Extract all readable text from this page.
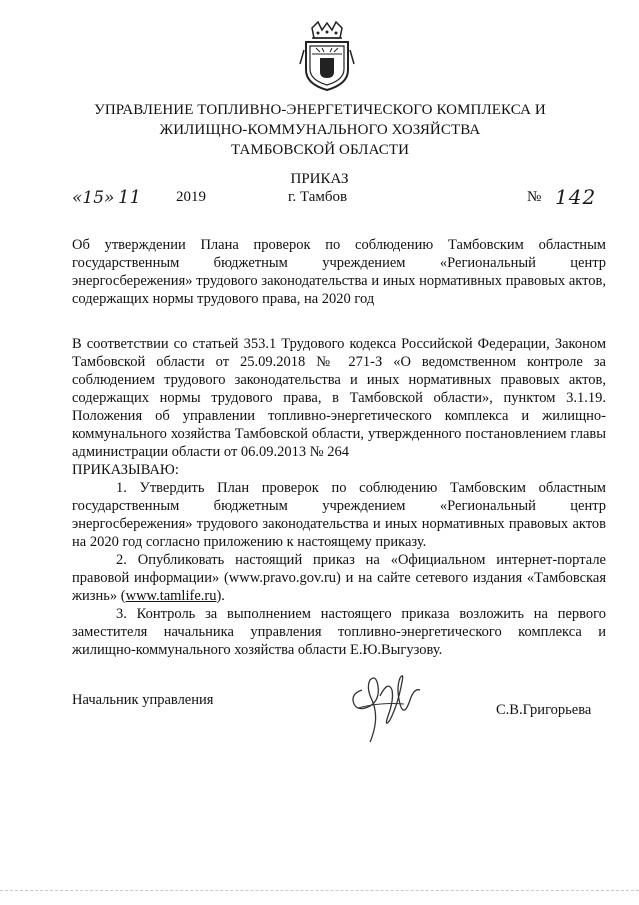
УПРАВЛЕНИЕ ТОПЛИВНО-ЭНЕРГЕТИЧЕСКОГО КОМПЛЕКСА И
ЖИЛИЩНО-КОММУНАЛЬНОГО ХОЗЯЙСТВА
ТАМБОВСКОЙ ОБЛАСТИ
ПРИКАЗ
«15» 11 2019	г. Тамбов	№ 142
Об утверждении Плана проверок по соблюдению Тамбовским областным государственным бюджетным учреждением «Региональный центр энергосбережения» трудового законодательства и иных нормативных правовых актов, содержащих нормы трудового права, на 2020 год

В соответствии со статьей 353.1 Трудового кодекса Российской Федерации, Законом Тамбовской области от 25.09.2018 № 271-З «О ведомственном контроле за соблюдением трудового законодательства и иных нормативных правовых актов, содержащих нормы трудового права, в Тамбовской области», пунктом 3.1.19. Положения об управлении топливно-энергетического комплекса и жилищно-коммунального хозяйства Тамбовской области, утвержденного постановлением главы администрации области от 06.09.2013 № 264

ПРИКАЗЫВАЮ:

1. Утвердить План проверок по соблюдению Тамбовским областным государственным бюджетным учреждением «Региональный центр энергосбережения» трудового законодательства и иных нормативных правовых актов на 2020 год согласно приложению к настоящему приказу.

2. Опубликовать настоящий приказ на «Официальном интернет-портале правовой информации» (www.pravo.gov.ru) и на сайте сетевого издания «Тамбовская жизнь» (www.tamlife.ru).

3. Контроль за выполнением настоящего приказа возложить на первого заместителя начальника управления топливно-энергетического комплекса и жилищно-коммунального хозяйства области Е.Ю.Выгузову.

Начальник управления
С.В.Григорьева
